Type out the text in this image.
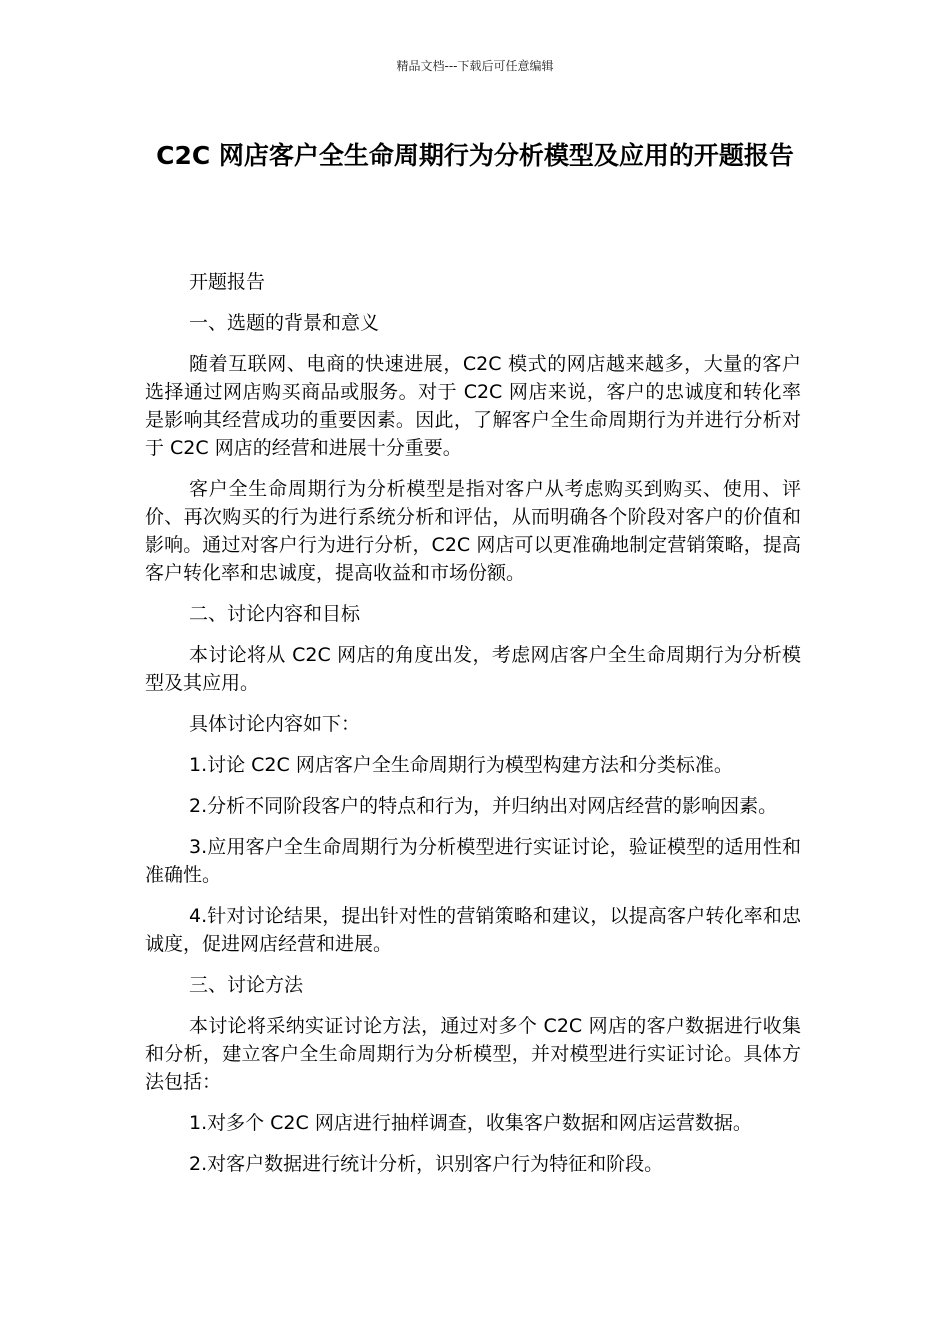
精品文档---下载后可任意编辑
C2C 网店客户全生命周期行为分析模型及应用的开题报告

开题报告

一、选题的背景和意义

随着互联网、电商的快速进展，C2C 模式的网店越来越多，大量的客户选择通过网店购买商品或服务。对于 C2C 网店来说，客户的忠诚度和转化率是影响其经营成功的重要因素。因此，了解客户全生命周期行为并进行分析对于 C2C 网店的经营和进展十分重要。

客户全生命周期行为分析模型是指对客户从考虑购买到购买、使用、评价、再次购买的行为进行系统分析和评估，从而明确各个阶段对客户的价值和影响。通过对客户行为进行分析，C2C 网店可以更准确地制定营销策略，提高客户转化率和忠诚度，提高收益和市场份额。

二、讨论内容和目标

本讨论将从 C2C 网店的角度出发，考虑网店客户全生命周期行为分析模型及其应用。

具体讨论内容如下：

1.讨论 C2C 网店客户全生命周期行为模型构建方法和分类标准。

2.分析不同阶段客户的特点和行为，并归纳出对网店经营的影响因素。

3.应用客户全生命周期行为分析模型进行实证讨论，验证模型的适用性和准确性。

4.针对讨论结果，提出针对性的营销策略和建议，以提高客户转化率和忠诚度，促进网店经营和进展。

三、讨论方法

本讨论将采纳实证讨论方法，通过对多个 C2C 网店的客户数据进行收集和分析，建立客户全生命周期行为分析模型，并对模型进行实证讨论。具体方法包括：

1.对多个 C2C 网店进行抽样调查，收集客户数据和网店运营数据。

2.对客户数据进行统计分析，识别客户行为特征和阶段。
